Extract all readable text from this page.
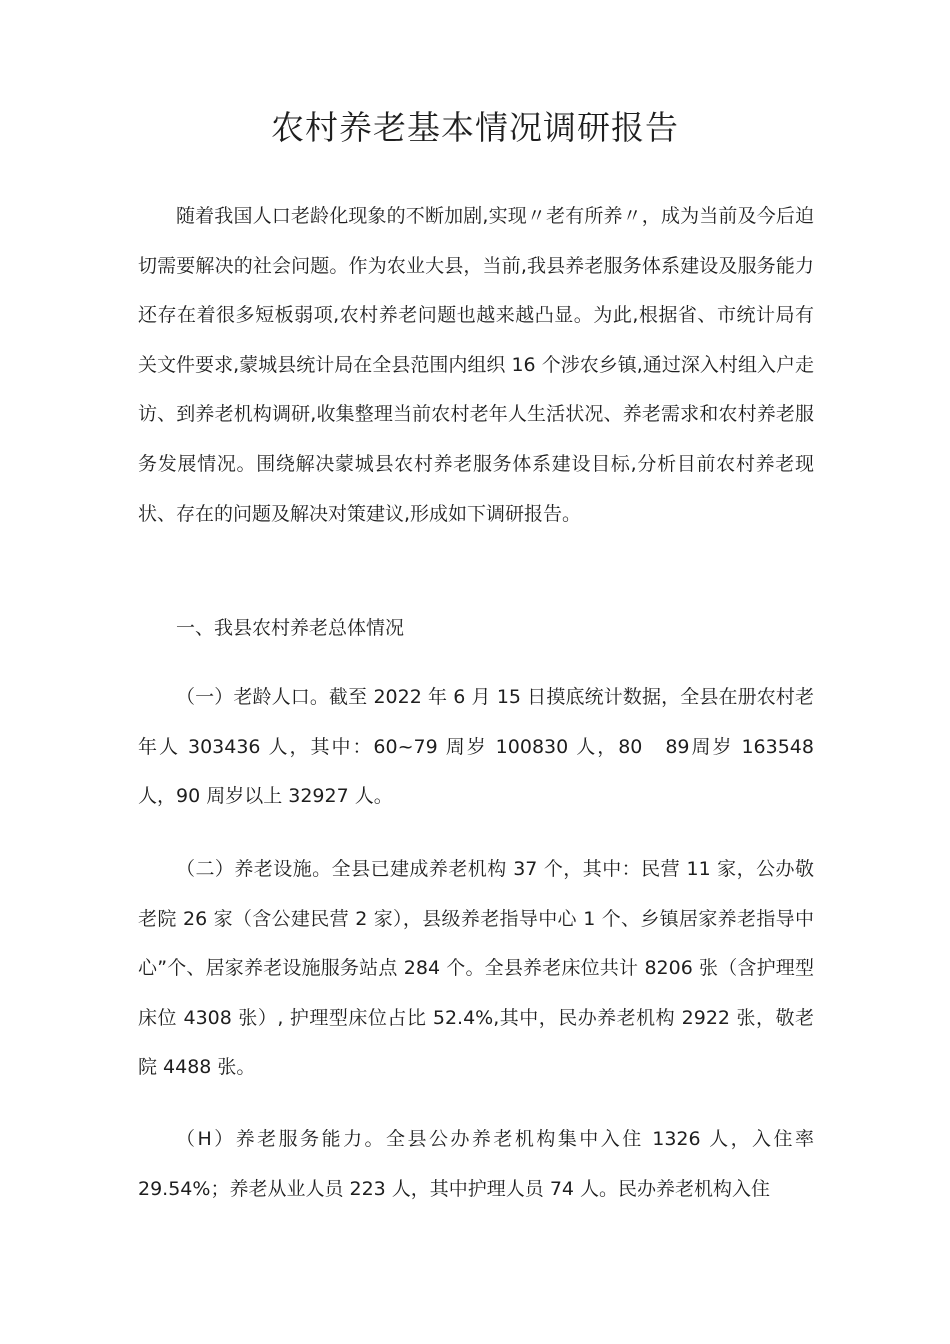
农村养老基本情况调研报告

随着我国人口老龄化现象的不断加剧,实现〃老有所养〃，成为当前及今后迫切需要解决的社会问题。作为农业大县，当前,我县养老服务体系建设及服务能力还存在着很多短板弱项,农村养老问题也越来越凸显。为此,根据省、市统计局有关文件要求,蒙城县统计局在全县范围内组织 16 个涉农乡镇,通过深入村组入户走访、到养老机构调研,收集整理当前农村老年人生活状况、养老需求和农村养老服务发展情况。围绕解决蒙城县农村养老服务体系建设目标,分析目前农村养老现状、存在的问题及解决对策建议,形成如下调研报告。

一、我县农村养老总体情况

（一）老龄人口。截至 2022 年 6 月 15 日摸底统计数据，全县在册农村老年人 303436 人，其中：60~79 周岁 100830 人，80　89周岁 163548 人，90 周岁以上 32927 人。

（二）养老设施。全县已建成养老机构 37 个，其中：民营 11 家，公办敬老院 26 家（含公建民营 2 家），县级养老指导中心 1 个、乡镇居家养老指导中心”个、居家养老设施服务站点 284 个。全县养老床位共计 8206 张（含护理型床位 4308 张）, 护理型床位占比 52.4%,其中，民办养老机构 2922 张，敬老院 4488 张。

（H）养老服务能力。全县公办养老机构集中入住 1326 人，入住率 29.54%；养老从业人员 223 人，其中护理人员 74 人。民办养老机构入住
